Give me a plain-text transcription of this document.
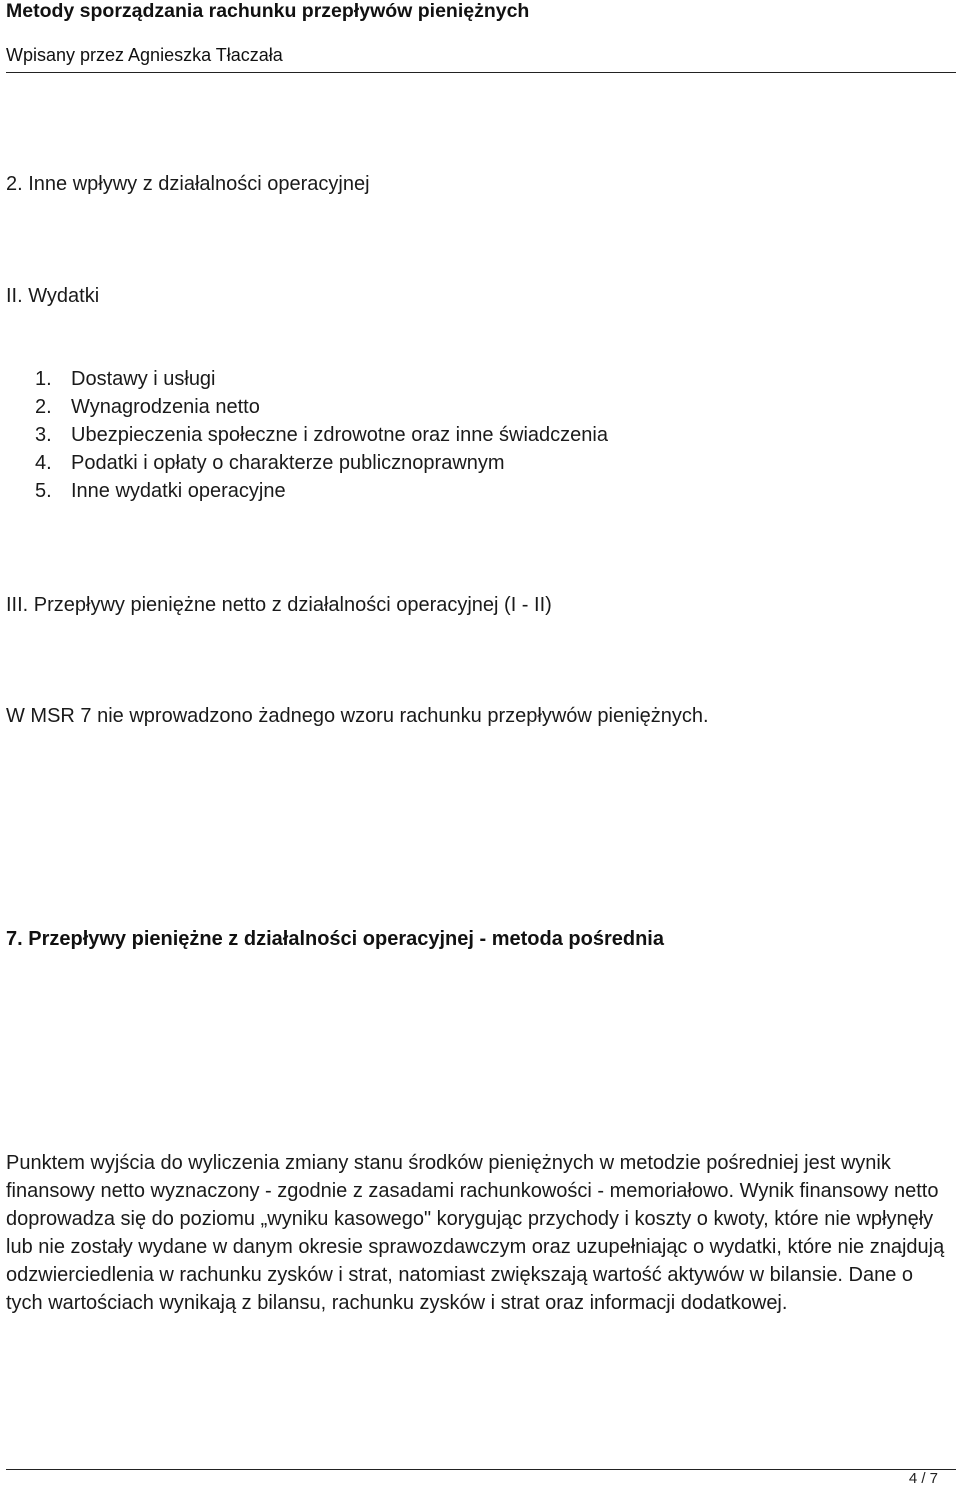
Metody sporządzania rachunku przepływów pieniężnych
Wpisany przez Agnieszka Tłaczała
2. Inne wpływy z działalności operacyjnej
II. Wydatki
1. Dostawy i usługi
2. Wynagrodzenia netto
3. Ubezpieczenia społeczne i zdrowotne oraz inne świadczenia
4. Podatki i opłaty o charakterze publicznoprawnym
5. Inne wydatki operacyjne
III. Przepływy pieniężne netto z działalności operacyjnej (I - II)
W MSR 7 nie wprowadzono żadnego wzoru rachunku przepływów pieniężnych.
7. Przepływy pieniężne z działalności operacyjnej - metoda pośrednia

Punktem wyjścia do wyliczenia zmiany stanu środków pieniężnych w metodzie pośredniej jest wynik finansowy netto wyznaczony - zgodnie z zasadami rachunkowości - memoriałowo. Wynik finansowy netto doprowadza się do poziomu „wyniku kasowego" korygując przychody i koszty o kwoty, które nie wpłynęły lub nie zostały wydane w danym okresie sprawozdawczym oraz uzupełniając o wydatki, które nie znajdują odzwierciedlenia w rachunku zysków i strat, natomiast zwiększają wartość aktywów w bilansie. Dane o tych wartościach wynikają z bilansu, rachunku zysków i strat oraz informacji dodatkowej.

4 / 7
